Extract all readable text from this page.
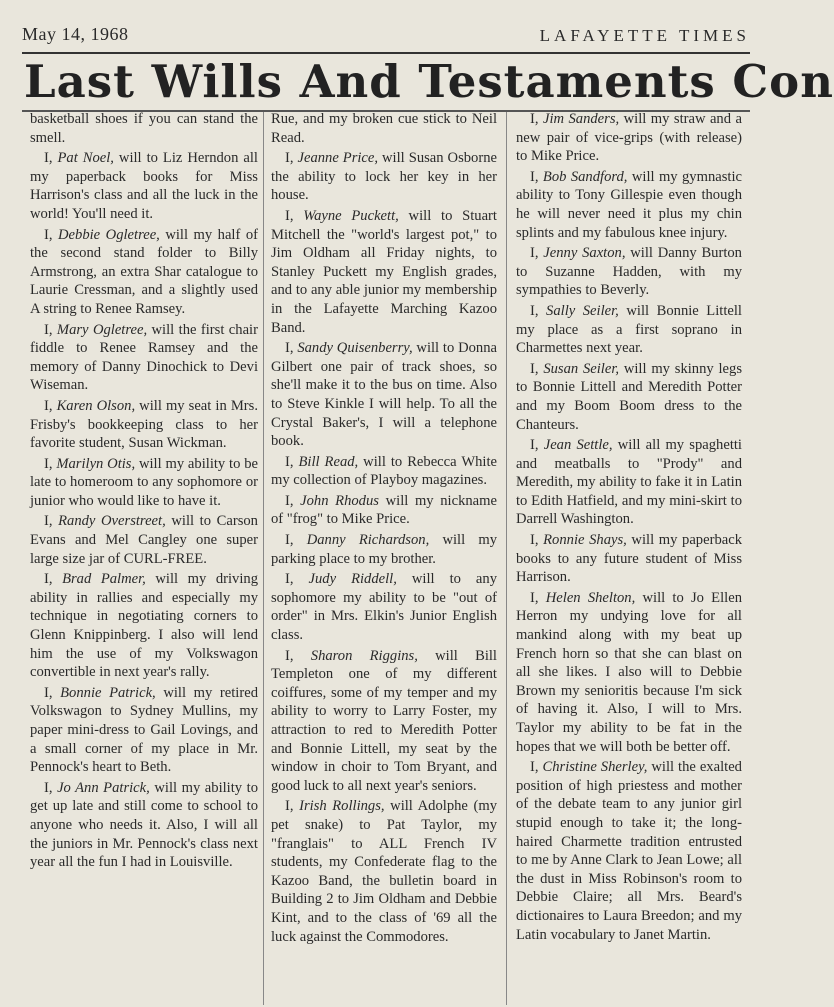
May 14, 1968	LAFAYETTE TIMES
Last Wills And Testaments Con

basketball shoes if you can stand the smell.

I, Pat Noel, will to Liz Herndon all my paperback books for Miss Harrison's class and all the luck in the world! You'll need it.

I, Debbie Ogletree, will my half of the second stand folder to Billy Armstrong, an extra Shar catalogue to Laurie Cressman, and a slightly used A string to Renee Ramsey.

I, Mary Ogletree, will the first chair fiddle to Renee Ramsey and the memory of Danny Dinochick to Devi Wiseman.

I, Karen Olson, will my seat in Mrs. Frisby's bookkeeping class to her favorite student, Susan Wickman.

I, Marilyn Otis, will my ability to be late to homeroom to any sophomore or junior who would like to have it.

I, Randy Overstreet, will to Carson Evans and Mel Cangley one super large size jar of CURL-FREE.

I, Brad Palmer, will my driving ability in rallies and especially my technique in negotiating corners to Glenn Knippinberg. I also will lend him the use of my Volkswagon convertible in next year's rally.

I, Bonnie Patrick, will my retired Volkswagon to Sydney Mullins, my paper mini-dress to Gail Lovings, and a small corner of my place in Mr. Pennock's heart to Beth.

I, Jo Ann Patrick, will my ability to get up late and still come to school to anyone who needs it. Also, I will all the juniors in Mr. Pennock's class next year all the fun I had in Louisville.

Rue, and my broken cue stick to Neil Read.

I, Jeanne Price, will Susan Osborne the ability to lock her key in her house.

I, Wayne Puckett, will to Stuart Mitchell the "world's largest pot," to Jim Oldham all Friday nights, to Stanley Puckett my English grades, and to any able junior my membership in the Lafayette Marching Kazoo Band.

I, Sandy Quisenberry, will to Donna Gilbert one pair of track shoes, so she'll make it to the bus on time. Also to Steve Kinkle I will help. To all the Crystal Baker's, I will a telephone book.

I, Bill Read, will to Rebecca White my collection of Playboy magazines.

I, John Rhodus will my nickname of "frog" to Mike Price.

I, Danny Richardson, will my parking place to my brother.

I, Judy Riddell, will to any sophomore my ability to be "out of order" in Mrs. Elkin's Junior English class.

I, Sharon Riggins, will Bill Templeton one of my different coiffures, some of my temper and my ability to worry to Larry Foster, my attraction to red to Meredith Potter and Bonnie Littell, my seat by the window in choir to Tom Bryant, and good luck to all next year's seniors.

I, Irish Rollings, will Adolphe (my pet snake) to Pat Taylor, my "franglais" to ALL French IV students, my Confederate flag to the Kazoo Band, the bulletin board in Building 2 to Jim Oldham and Debbie Kint, and to the class of '69 all the luck against the Commodores.

I, Jim Sanders, will my straw and a new pair of vice-grips (with release) to Mike Price.

I, Bob Sandford, will my gymnastic ability to Tony Gillespie even though he will never need it plus my chin splints and my fabulous knee injury.

I, Jenny Saxton, will Danny Burton to Suzanne Hadden, with my sympathies to Beverly.

I, Sally Seiler, will Bonnie Littell my place as a first soprano in Charmettes next year.

I, Susan Seiler, will my skinny legs to Bonnie Littell and Meredith Potter and my Boom Boom dress to the Chanteurs.

I, Jean Settle, will all my spaghetti and meatballs to "Prody" and Meredith, my ability to fake it in Latin to Edith Hatfield, and my mini-skirt to Darrell Washington.

I, Ronnie Shays, will my paperback books to any future student of Miss Harrison.

I, Helen Shelton, will to Jo Ellen Herron my undying love for all mankind along with my beat up French horn so that she can blast on all she likes. I also will to Debbie Brown my senioritis because I'm sick of having it. Also, I will to Mrs. Taylor my ability to be fat in the hopes that we will both be better off.

I, Christine Sherley, will the exalted position of high priestess and mother of the debate team to any junior girl stupid enough to take it; the long-haired Charmette tradition entrusted to me by Anne Clark to Jean Lowe; all the dust in Miss Robinson's room to Debbie Claire; all Mrs. Beard's dictionaires to Laura Breedon; and my Latin vocabulary to Janet Martin.
